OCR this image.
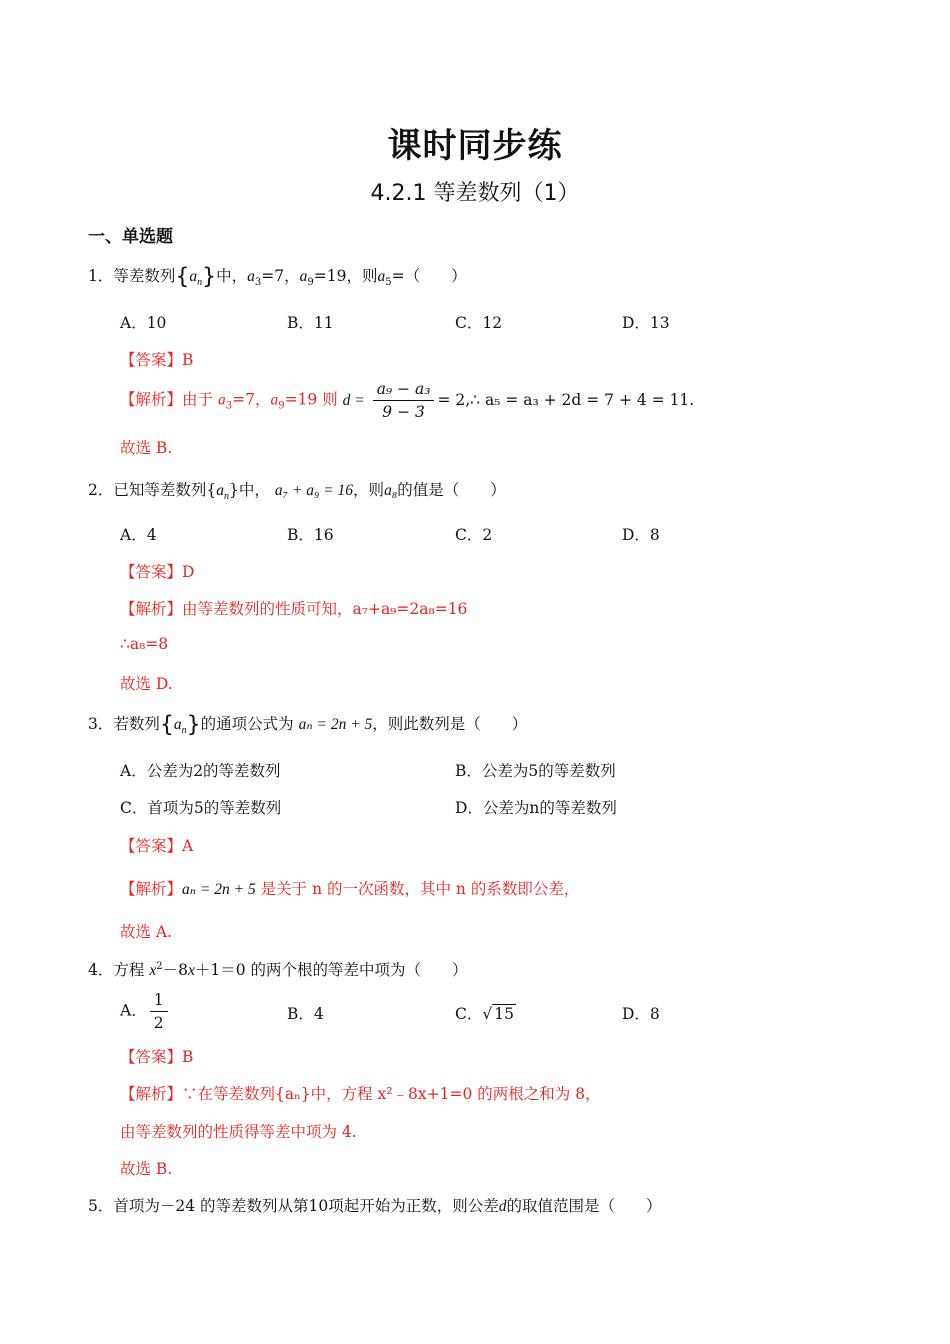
课时同步练
4.2.1 等差数列（1）
一、单选题
1．等差数列$\{a_n\}$中，$a_3=7$，$a_9=19$，则$a_5=$（　　）
A．10	B．11	C．12	D．13
【答案】B
【解析】由于 $a_3=7$，$a_9=19$ 则 $d = \frac{\text{a₉ − a₃}}{9 - 3}$ = 2,∴ a₅ = a₃ + 2d = 7 + 4 = 11.
故选 B.
2．已知等差数列$\{a_n\}$中， a₇ + a₉ = 16，则a₈的值是（　　）
A．4	B．16	C．2	D．8
【答案】D
【解析】由等差数列的性质可知，a₇+a₉=2a₈=16
∴a₈=8
故选 D.
3．若数列$\{a_n\}$的通项公式为 aₙ = 2n + 5，则此数列是（　　）
A．公差为2的等差数列	B．公差为5的等差数列
C．首项为5的等差数列	D．公差为n的等差数列
【答案】A
【解析】aₙ = 2n + 5 是关于 n 的一次函数，其中 n 的系数即公差，
故选 A.
4．方程 $x^2-8x+1=0$ 的两个根的等差中项为（　　）
A． $\frac{1}{2}$	B．4	C．√ 15	D．8
【答案】B
【解析】∵在等差数列{aₙ}中，方程 x²﹣8x+1=0 的两根之和为 8，
由等差数列的性质得等差中项为 4.
故选 B.
5．首项为－24 的等差数列从第10项起开始为正数，则公差d的取值范围是（　　）
